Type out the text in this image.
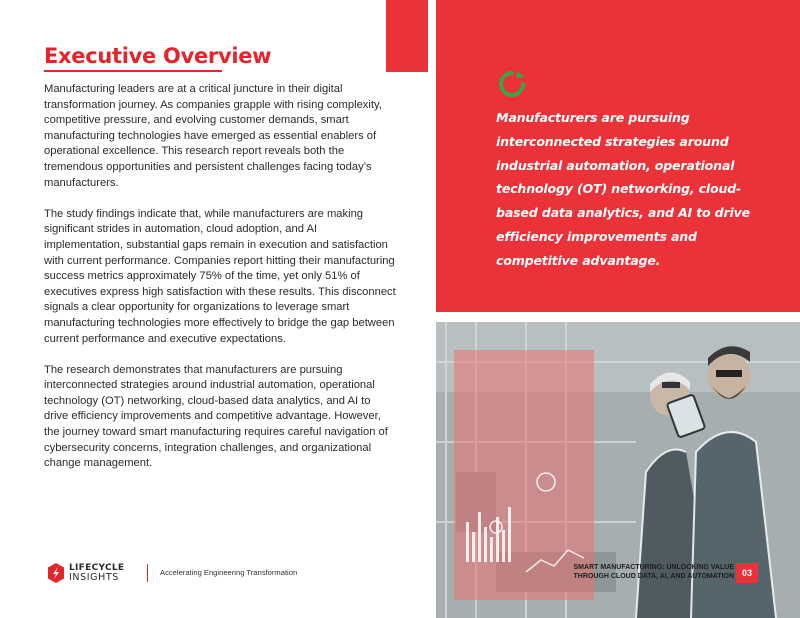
Executive Overview

Manufacturing leaders are at a critical juncture in their digital transformation journey. As companies grapple with rising complexity, competitive pressure, and evolving customer demands, smart manufacturing technologies have emerged as essential enablers of operational excellence. This research report reveals both the tremendous opportunities and persistent challenges facing today’s manufacturers.

The study findings indicate that, while manufacturers are making significant strides in automation, cloud adoption, and AI implementation, substantial gaps remain in execution and satisfaction with current performance. Companies report hitting their manufacturing success metrics approximately 75% of the time, yet only 51% of executives express high satisfaction with these results. This disconnect signals a clear opportunity for organizations to leverage smart manufacturing technologies more effectively to bridge the gap between current performance and executive expectations.

The research demonstrates that manufacturers are pursuing interconnected strategies around industrial automation, operational technology (OT) networking, cloud-based data analytics, and AI to drive efficiency improvements and competitive advantage. However, the journey toward smart manufacturing requires careful navigation of cybersecurity concerns, integration challenges, and organizational change management.

Manufacturers are pursuing interconnected strategies around industrial automation, operational technology (OT) networking, cloud-based data analytics, and AI to drive efficiency improvements and competitive advantage.

SMART MANUFACTURING: UNLOCKING VALUE
THROUGH CLOUD DATA, AI, AND AUTOMATION 03
LIFECYCLE
INSIGHTS	Accelerating Engineering Transformation
